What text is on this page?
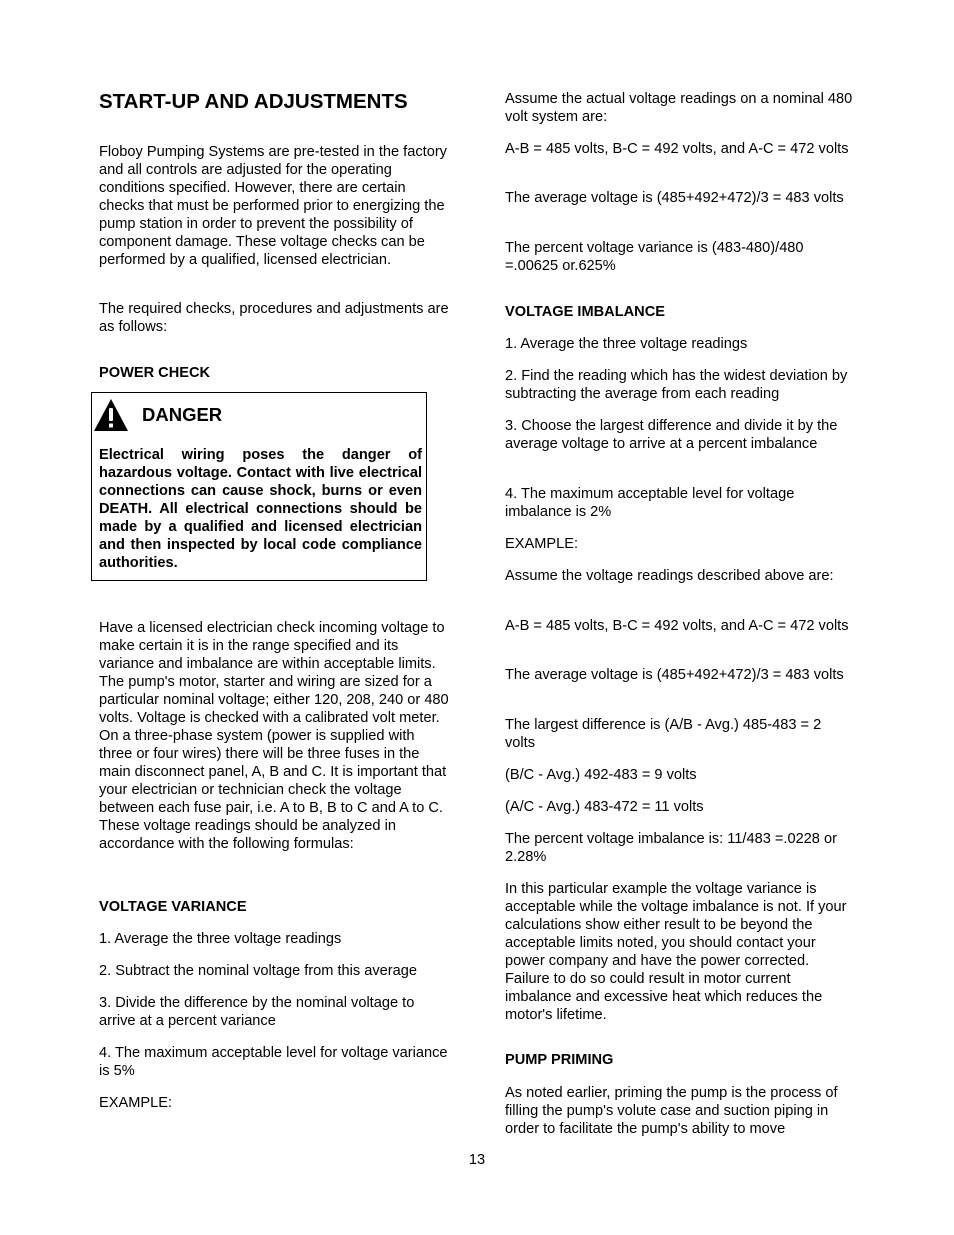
START-UP AND ADJUSTMENTS

Floboy Pumping Systems are pre-tested in the factory and all controls are adjusted for the operating conditions specified. However, there are certain checks that must be performed prior to energizing the pump station in order to prevent the possibility of component damage. These voltage checks can be performed by a qualified, licensed electrician.

The required checks, procedures and adjustments are as follows:

POWER CHECK

Have a licensed electrician check incoming voltage to make certain it is in the range specified and its variance and imbalance are within acceptable limits. The pump's motor, starter and wiring are sized for a particular nominal voltage; either 120, 208, 240 or 480 volts. Voltage is checked with a calibrated volt meter. On a three-phase system (power is supplied with three or four wires) there will be three fuses in the main disconnect panel, A, B and C. It is important that your electrician or technician check the voltage between each fuse pair, i.e. A to B, B to C and A to C. These voltage readings should be analyzed in accordance with the following formulas:

VOLTAGE VARIANCE

1. Average the three voltage readings

2. Subtract the nominal voltage from this average

3. Divide the difference by the nominal voltage to arrive at a percent variance

4. The maximum acceptable level for voltage variance is 5%

EXAMPLE:

DANGER

Electrical wiring poses the danger of hazardous voltage. Contact with live electrical connections can cause shock, burns or even DEATH. All electrical connections should be made by a qualified and licensed electrician and then inspected by local code compliance authorities.

Assume the actual voltage readings on a nominal 480 volt system are:

A-B = 485 volts, B-C = 492 volts, and A-C = 472 volts

The average voltage is (485+492+472)/3 = 483 volts

The percent voltage variance is (483-480)/480 =.00625 or.625%

VOLTAGE IMBALANCE

1. Average the three voltage readings

2. Find the reading which has the widest deviation by subtracting the average from each reading

3. Choose the largest difference and divide it by the average voltage to arrive at a percent imbalance

4. The maximum acceptable level for voltage imbalance is 2%

EXAMPLE:

Assume the voltage readings described above are:

A-B = 485 volts, B-C = 492 volts, and A-C = 472 volts

The average voltage is (485+492+472)/3 = 483 volts

The largest difference is (A/B - Avg.) 485-483 = 2 volts

(B/C - Avg.) 492-483 = 9 volts

(A/C - Avg.) 483-472 = 11 volts

The percent voltage imbalance is: 11/483 =.0228 or 2.28%

In this particular example the voltage variance is acceptable while the voltage imbalance is not. If your calculations show either result to be beyond the acceptable limits noted, you should contact your power company and have the power corrected. Failure to do so could result in motor current imbalance and excessive heat which reduces the motor's lifetime.

PUMP PRIMING

As noted earlier, priming the pump is the process of filling the pump's volute case and suction piping in order to facilitate the pump's ability to move

13
